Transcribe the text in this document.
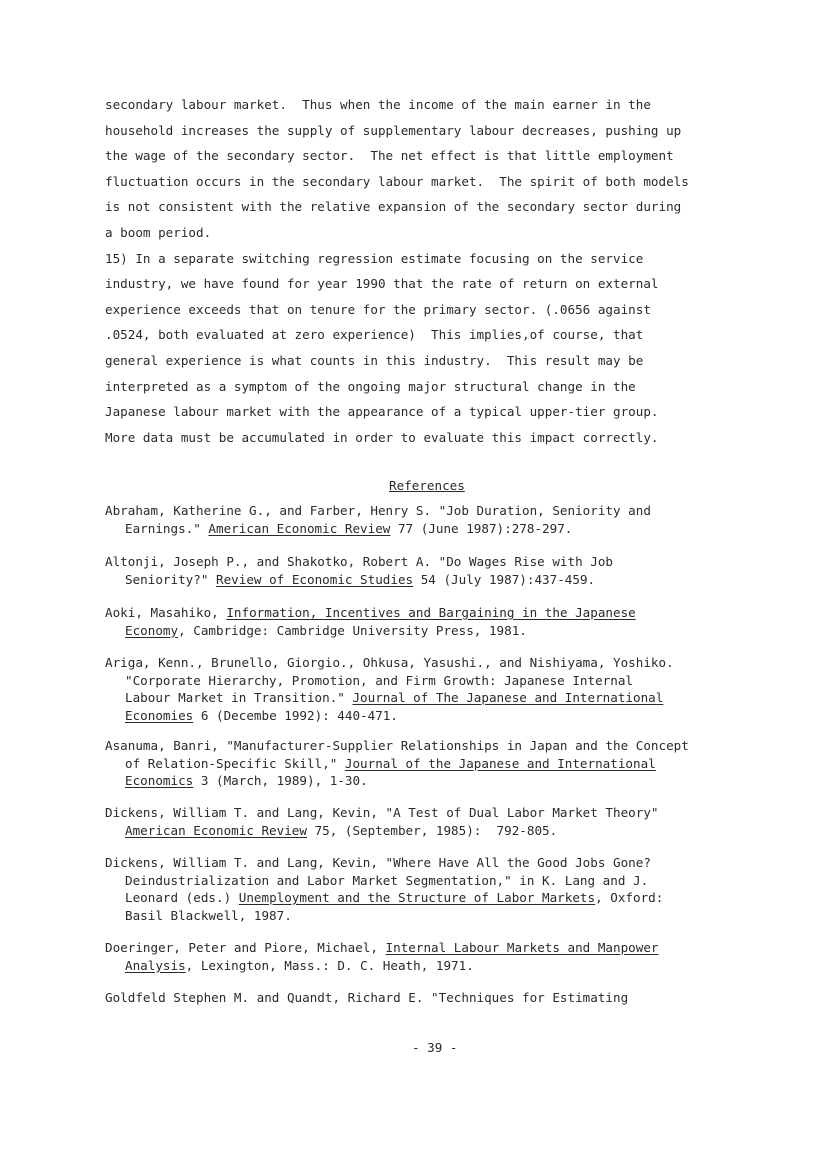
secondary labour market.  Thus when the income of the main earner in the
household increases the supply of supplementary labour decreases, pushing up
the wage of the secondary sector.  The net effect is that little employment
fluctuation occurs in the secondary labour market.  The spirit of both models
is not consistent with the relative expansion of the secondary sector during
a boom period.
15) In a separate switching regression estimate focusing on the service
industry, we have found for year 1990 that the rate of return on external
experience exceeds that on tenure for the primary sector. (.0656 against
.0524, both evaluated at zero experience)  This implies,of course, that
general experience is what counts in this industry.  This result may be
interpreted as a symptom of the ongoing major structural change in the
Japanese labour market with the appearance of a typical upper-tier group.
More data must be accumulated in order to evaluate this impact correctly.
References
Abraham, Katherine G., and Farber, Henry S. "Job Duration, Seniority and
Earnings." American Economic Review 77 (June 1987):278-297.
Altonji, Joseph P., and Shakotko, Robert A. "Do Wages Rise with Job
Seniority?" Review of Economic Studies 54 (July 1987):437-459.
Aoki, Masahiko, Information, Incentives and Bargaining in the Japanese
Economy, Cambridge: Cambridge University Press, 1981.
Ariga, Kenn., Brunello, Giorgio., Ohkusa, Yasushi., and Nishiyama, Yoshiko.
"Corporate Hierarchy, Promotion, and Firm Growth: Japanese Internal
Labour Market in Transition." Journal of The Japanese and International
Economies 6 (Decembe 1992): 440-471.
Asanuma, Banri, "Manufacturer-Supplier Relationships in Japan and the Concept
of Relation-Specific Skill," Journal of the Japanese and International
Economics 3 (March, 1989), 1-30.
Dickens, William T. and Lang, Kevin, "A Test of Dual Labor Market Theory"
American Economic Review 75, (September, 1985):  792-805.
Dickens, William T. and Lang, Kevin, "Where Have All the Good Jobs Gone?
Deindustrialization and Labor Market Segmentation," in K. Lang and J.
Leonard (eds.) Unemployment and the Structure of Labor Markets, Oxford:
Basil Blackwell, 1987.
Doeringer, Peter and Piore, Michael, Internal Labour Markets and Manpower
Analysis, Lexington, Mass.: D. C. Heath, 1971.
Goldfeld Stephen M. and Quandt, Richard E. "Techniques for Estimating
- 39 -
